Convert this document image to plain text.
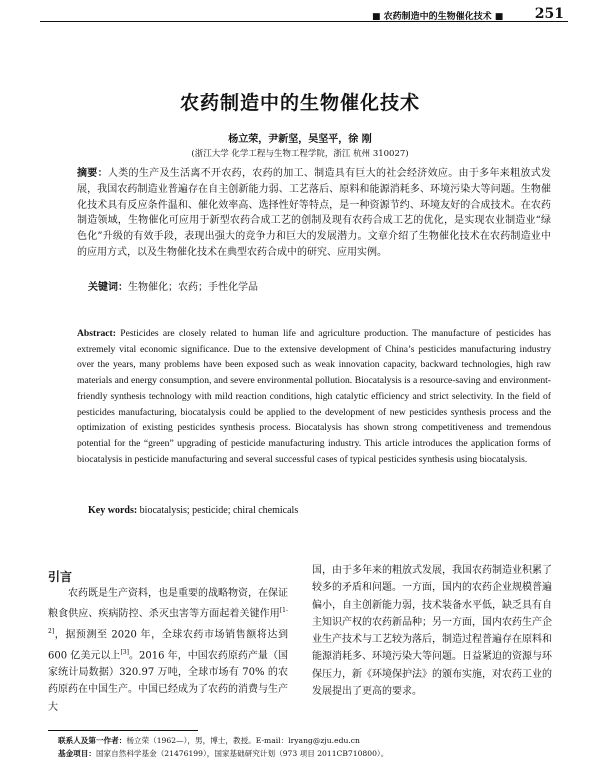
■ 农药制造中的生物催化技术 ■ 251
农药制造中的生物催化技术
杨立荣，尹新坚，吴坚平，徐 刚
(浙江大学 化学工程与生物工程学院，浙江 杭州 310027)
摘要：人类的生产及生活离不开农药，农药的加工、制造具有巨大的社会经济效应。由于多年来粗放式发展，我国农药制造业普遍存在自主创新能力弱、工艺落后、原料和能源消耗多、环境污染大等问题。生物催化技术具有反应条件温和、催化效率高、选择性好等特点，是一种资源节约、环境友好的合成技术。在农药制造领域，生物催化可应用于新型农药合成工艺的创制及现有农药合成工艺的优化，是实现农业制造业“绿色化”升级的有效手段，表现出强大的竞争力和巨大的发展潜力。文章介绍了生物催化技术在农药制造业中的应用方式，以及生物催化技术在典型农药合成中的研究、应用实例。
关键词：生物催化；农药；手性化学品
Abstract: Pesticides are closely related to human life and agriculture production. The manufacture of pesticides has extremely vital economic significance. Due to the extensive development of China’s pesticides manufacturing industry over the years, many problems have been exposed such as weak innovation capacity, backward technologies, high raw materials and energy consumption, and severe environmental pollution. Biocatalysis is a resource-saving and environment-friendly synthesis technology with mild reaction conditions, high catalytic efficiency and strict selectivity. In the field of pesticides manufacturing, biocatalysis could be applied to the development of new pesticides synthesis process and the optimization of existing pesticides synthesis process. Biocatalysis has shown strong competitiveness and tremendous potential for the “green” upgrading of pesticide manufacturing industry. This article introduces the application forms of biocatalysis in pesticide manufacturing and several successful cases of typical pesticides synthesis using biocatalysis.
Key words: biocatalysis; pesticide; chiral chemicals
引言
农药既是生产资料，也是重要的战略物资，在保证粮食供应、疾病防控、杀灭虫害等方面起着关键作用[1-2]，据预测至 2020 年，全球农药市场销售额将达到 600 亿美元以上[3]。2016 年，中国农药原药产量（国家统计局数据）320.97 万吨，全球市场有 70% 的农药原药在中国生产。中国已经成为了农药的消费与生产大
国，由于多年来的粗放式发展，我国农药制造业积累了较多的矛盾和问题。一方面，国内的农药企业规模普遍偏小，自主创新能力弱，技术装备水平低，缺乏具有自主知识产权的农药新品种；另一方面，国内农药生产企业生产技术与工艺较为落后，制造过程普遍存在原料和能源消耗多、环境污染大等问题。日益紧迫的资源与环保压力，新《环境保护法》的颁布实施，对农药工业的发展提出了更高的要求。
联系人及第一作者：杨立荣（1962—），男，博士，教授。E-mail：lryang@zju.edu.cn
基金项目：国家自然科学基金（21476199），国家基础研究计划（973 项目 2011CB710800）。
